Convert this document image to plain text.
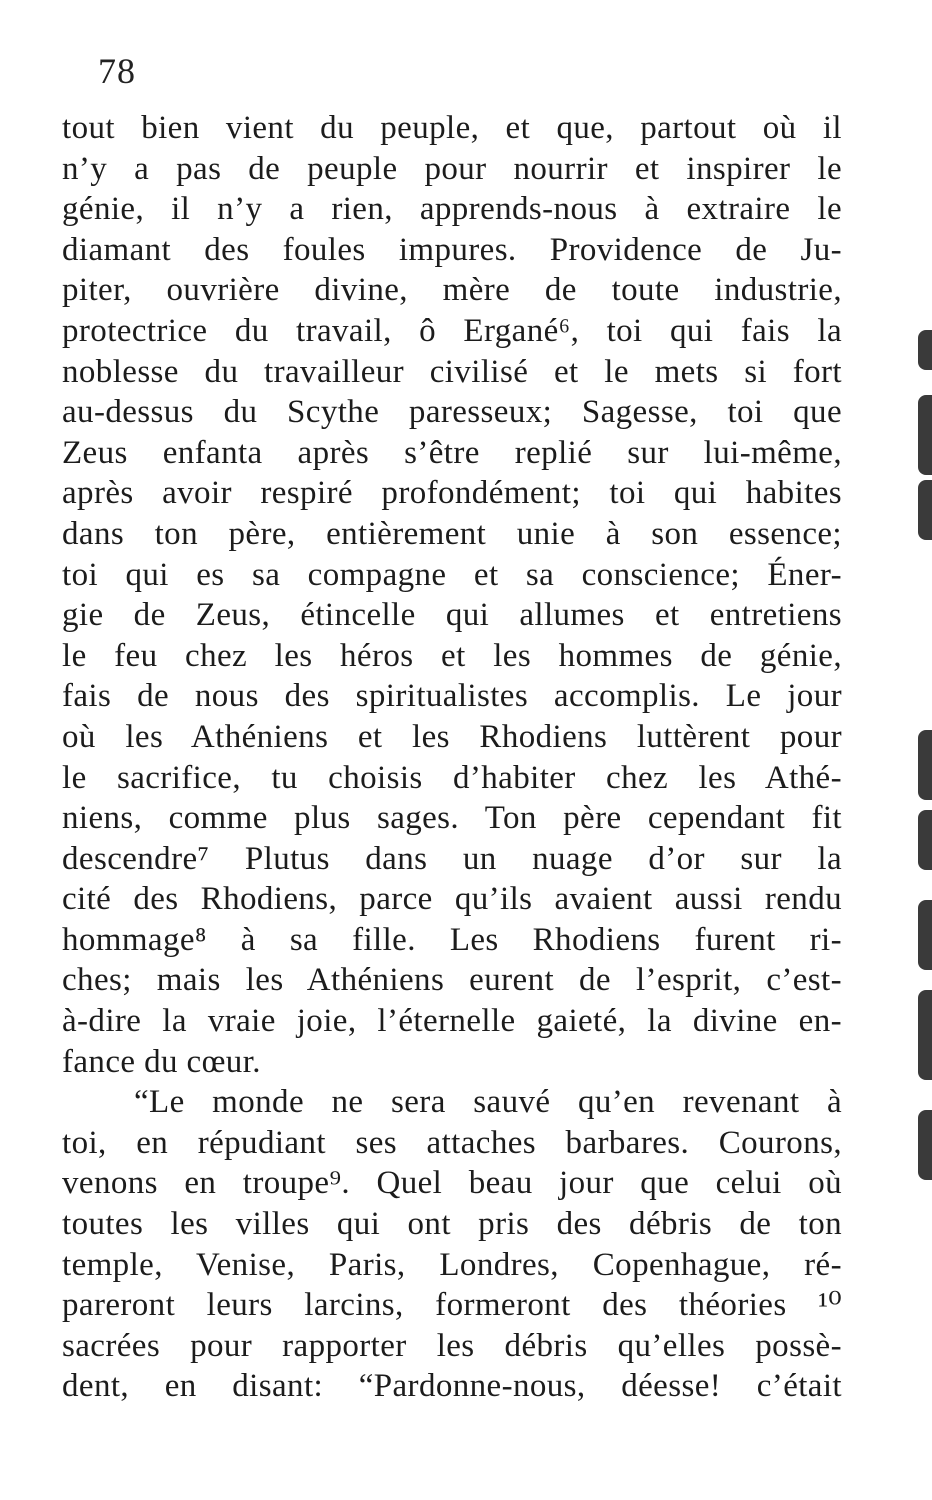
78
tout bien vient du peuple, et que, partout où il
n’y a pas de peuple pour nourrir et inspirer le
génie, il n’y a rien, apprends-nous à extraire le
diamant des foules impures. Providence de Ju-
piter, ouvrière divine, mère de toute industrie,
protectrice du travail, ô Ergané⁶, toi qui fais la
noblesse du travailleur civilisé et le mets si fort
au-dessus du Scythe paresseux; Sagesse, toi que
Zeus enfanta après s’être replié sur lui-même,
après avoir respiré profondément; toi qui habites
dans ton père, entièrement unie à son essence;
toi qui es sa compagne et sa conscience; Éner-
gie de Zeus, étincelle qui allumes et entretiens
le feu chez les héros et les hommes de génie,
fais de nous des spiritualistes accomplis. Le jour
où les Athéniens et les Rhodiens luttèrent pour
le sacrifice, tu choisis d’habiter chez les Athé-
niens, comme plus sages. Ton père cependant fit
descendre⁷ Plutus dans un nuage d’or sur la
cité des Rhodiens, parce qu’ils avaient aussi rendu
hommage⁸ à sa fille. Les Rhodiens furent ri-
ches; mais les Athéniens eurent de l’esprit, c’est-
à-dire la vraie joie, l’éternelle gaieté, la divine en-
fance du cœur.
“Le monde ne sera sauvé qu’en revenant à
toi, en répudiant ses attaches barbares. Courons,
venons en troupe⁹. Quel beau jour que celui où
toutes les villes qui ont pris des débris de ton
temple, Venise, Paris, Londres, Copenhague, ré-
pareront leurs larcins, formeront des théories ¹⁰
sacrées pour rapporter les débris qu’elles possè-
dent, en disant: “Pardonne-nous, déesse! c’était
